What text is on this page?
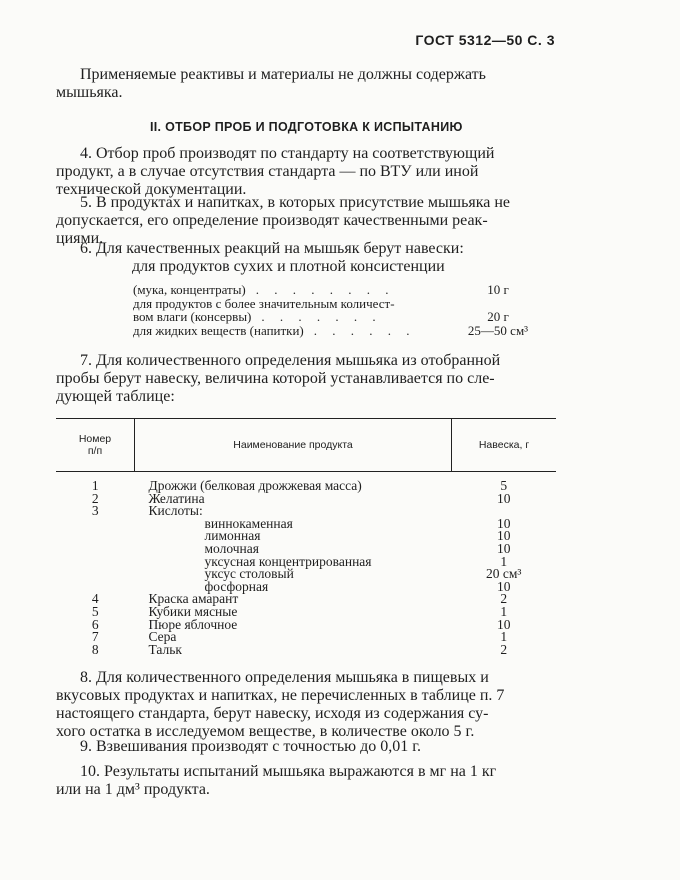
ГОСТ 5312—50 С. 3

Применяемые реактивы и материалы не должны содержать
мышьяка.

II. ОТБОР ПРОБ И ПОДГОТОВКА К ИСПЫТАНИЮ

4. Отбор проб производят по стандарту на соответствующий
продукт, а в случае отсутствия стандарта — по ВТУ или иной
технической документации.

5. В продуктах и напитках, в которых присутствие мышьяка не
допускается, его определение производят качественными реак-
циями.

6. Для качественных реакций на мышьяк берут навески:
для продуктов сухих и плотной консистенции

(мука, концентраты) . . . . . . . .	10 г
для продуктов с более значительным количест-
вом влаги (консервы) . . . . . . .	20 г
для жидких веществ (напитки) . . . . . .	25—50 см³

7. Для количественного определения мышьяка из отобранной
пробы берут навеску, величина которой устанавливается по сле-
дующей таблице:

Номер
п/п	Наименование продукта	Навеска, г
1	Дрожжи (белковая дрожжевая масса)	5
2	Желатина	10
3	Кислоты:	
	виннокаменная	10
	лимонная	10
	молочная	10
	уксусная концентрированная	1
	уксус столовый	20 см³
	фосфорная	10
4	Краска амарант	2
5	Кубики мясные	1
6	Пюре яблочное	10
7	Сера	1
8	Тальк	2

8. Для количественного определения мышьяка в пищевых и
вкусовых продуктах и напитках, не перечисленных в таблице п. 7
настоящего стандарта, берут навеску, исходя из содержания су-
хого остатка в исследуемом веществе, в количестве около 5 г.

9. Взвешивания производят с точностью до 0,01 г.

10. Результаты испытаний мышьяка выражаются в мг на 1 кг
или на 1 дм³ продукта.
